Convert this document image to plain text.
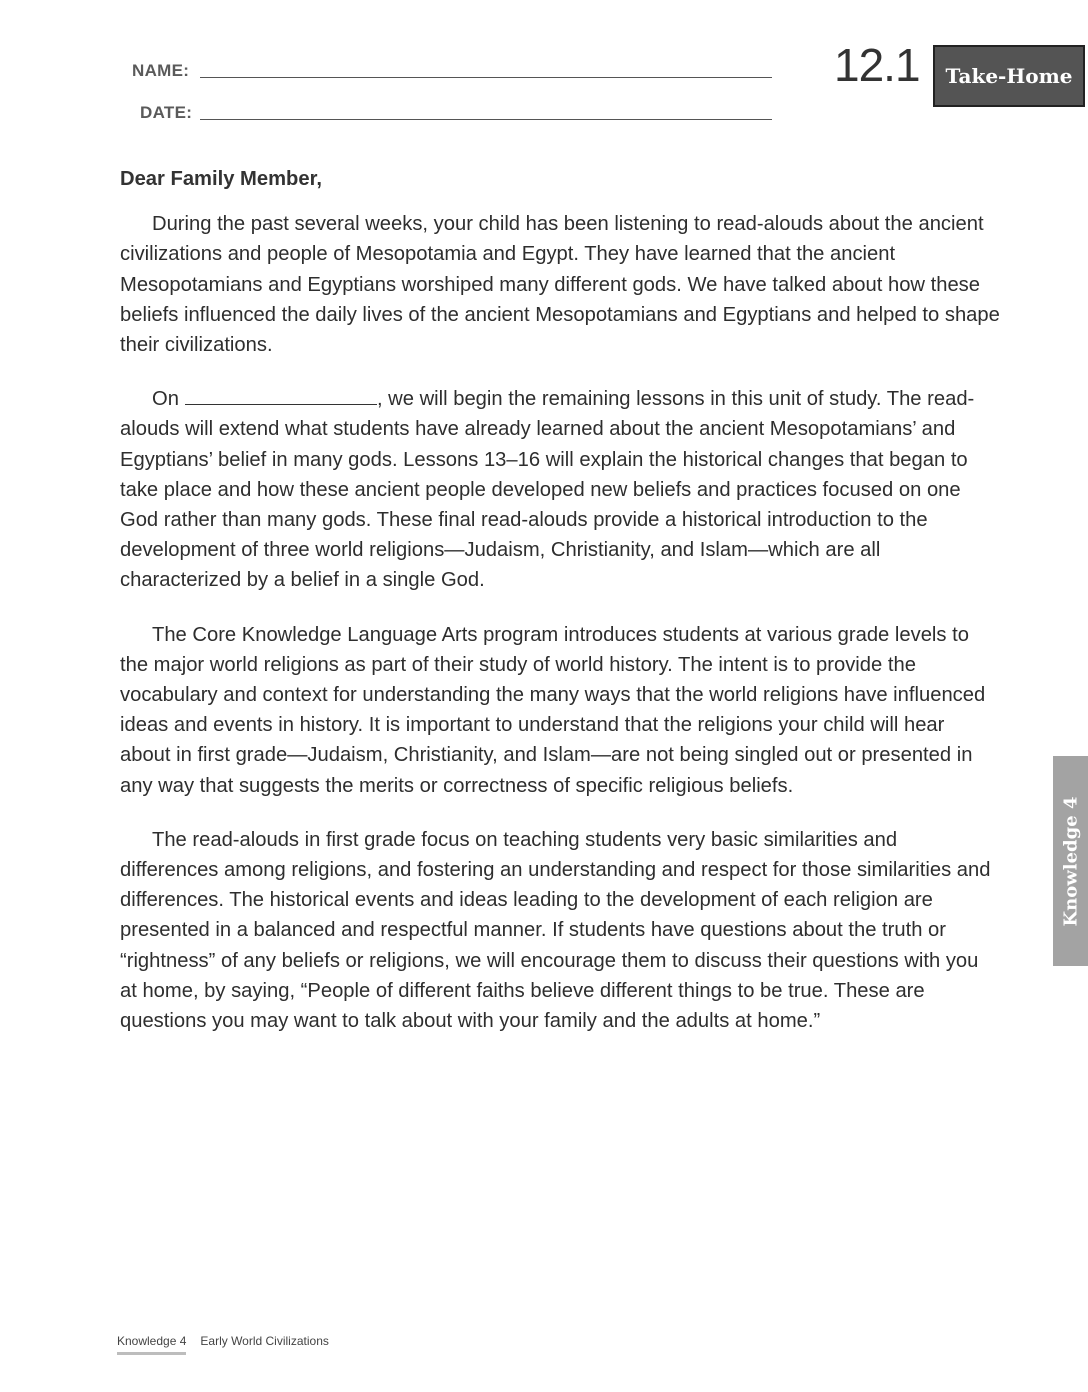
NAME:
DATE:
12.1	Take-Home

Dear Family Member,

During the past several weeks, your child has been listening to read-alouds about the ancient civilizations and people of Mesopotamia and Egypt. They have learned that the ancient Mesopotamians and Egyptians worshiped many different gods. We have talked about how these beliefs influenced the daily lives of the ancient Mesopotamians and Egyptians and helped to shape their civilizations.

On	, we will begin the remaining lessons in this unit of study. The read-alouds will extend what students have already learned about the ancient Mesopotamians’ and Egyptians’ belief in many gods. Lessons 13–16 will explain the historical changes that began to take place and how these ancient people developed new beliefs and practices focused on one God rather than many gods. These final read-alouds provide a historical introduction to the development of three world religions—Judaism, Christianity, and Islam—which are all characterized by a belief in a single God.

The Core Knowledge Language Arts program introduces students at various grade levels to the major world religions as part of their study of world history. The intent is to provide the vocabulary and context for understanding the many ways that the world religions have influenced ideas and events in history. It is important to understand that the religions your child will hear about in first grade—Judaism, Christianity, and Islam—are not being singled out or presented in any way that suggests the merits or correctness of specific religious beliefs.

The read-alouds in first grade focus on teaching students very basic similarities and differences among religions, and fostering an understanding and respect for those similarities and differences. The historical events and ideas leading to the development of each religion are presented in a balanced and respectful manner. If students have questions about the truth or “rightness” of any beliefs or religions, we will encourage them to discuss their questions with you at home, by saying, “People of different faiths believe different things to be true. These are questions you may want to talk about with your family and the adults at home.”

Knowledge 4
Knowledge 4 Early World Civilizations
